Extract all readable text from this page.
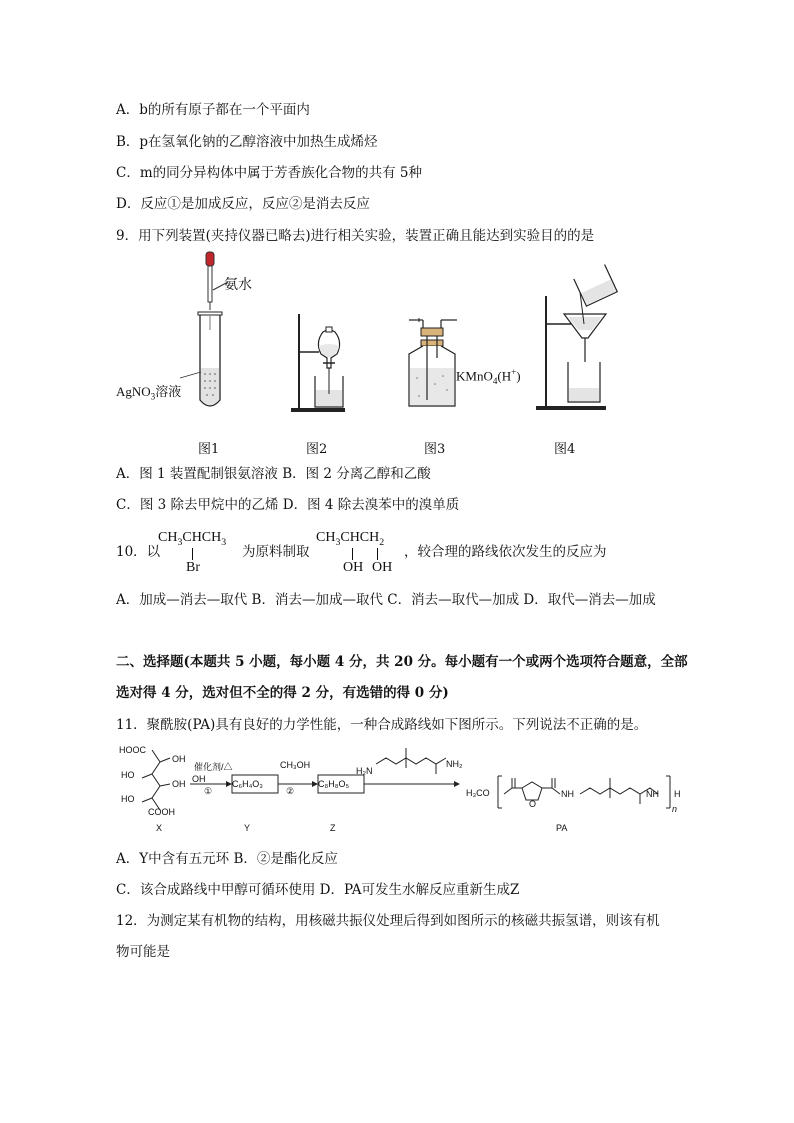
A．b的所有原子都在一个平面内
B．p在氢氧化钠的乙醇溶液中加热生成烯烃
C．m的同分异构体中属于芳香族化合物的共有 5种
D．反应①是加成反应，反应②是消去反应
9．用下列装置(夹持仪器已略去)进行相关实验，装置正确且能达到实验目的的是
氨水
AgNO$_3$溶液
KMnO$_4$(H+)
图1	图2	图3	图4
A．图 1 装置配制银氨溶液 B．图 2 分离乙醇和乙酸
C．图 3 除去甲烷中的乙烯 D．图 4 除去溴苯中的溴单质
10．以
$CH_3CHCH_3$
Br
为原料制取
$CH_3CHCH_2$
OH OH
，较合理的路线依次发生的反应为
A．加成—消去—取代 B．消去—加成—取代 C．消去—取代—加成 D．取代—消去—加成
二、选择题(本题共 5 小题，每小题 4 分，共 20 分。每小题有一个或两个选项符合题意，全部
选对得 4 分，选对但不全的得 2 分，有选错的得 0 分)
11．聚酰胺(PA)具有良好的力学性能，一种合成路线如下图所示。下列说法不正确的是。
HOOC
OH
HO
OH
HO
COOH
OH
催化剂/△
①
C₆H₄O₃
CH₃OH
②
C₈H₈O₅
H₂N
NH₂
H₃CO
O
NH	NH H
n
X	Y	Z	PA
A．Y中含有五元环 B．②是酯化反应
C．该合成路线中甲醇可循环使用 D．PA可发生水解反应重新生成Z
12．为测定某有机物的结构，用核磁共振仪处理后得到如图所示的核磁共振氢谱，则该有机
物可能是
